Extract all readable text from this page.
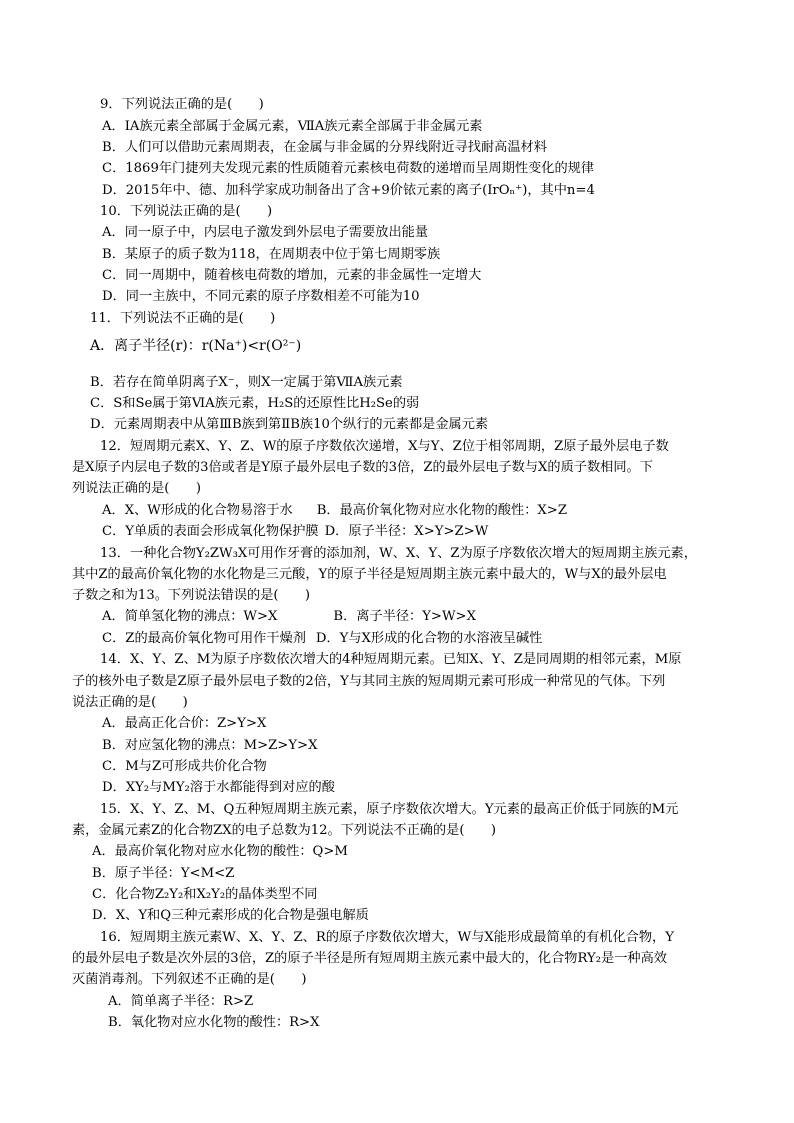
9．下列说法正确的是(　　)
A．ⅠA族元素全部属于金属元素，ⅦA族元素全部属于非金属元素
B．人们可以借助元素周期表，在金属与非金属的分界线附近寻找耐高温材料
C．1869年门捷列夫发现元素的性质随着元素核电荷数的递增而呈周期性变化的规律
D．2015年中、德、加科学家成功制备出了含+9价铱元素的离子(IrOₙ⁺)，其中n=4
10．下列说法正确的是(　　)
A．同一原子中，内层电子激发到外层电子需要放出能量
B．某原子的质子数为118，在周期表中位于第七周期零族
C．同一周期中，随着核电荷数的增加，元素的非金属性一定增大
D．同一主族中，不同元素的原子序数相差不可能为10
11．下列说法不正确的是(　　)
A．离子半径(r)：r(Na⁺)<r(O²⁻)
B．若存在简单阴离子X⁻，则X一定属于第ⅦA族元素
C．S和Se属于第ⅥA族元素，H₂S的还原性比H₂Se的弱
D．元素周期表中从第ⅢB族到第ⅡB族10个纵行的元素都是金属元素
12．短周期元素X、Y、Z、W的原子序数依次递增，X与Y、Z位于相邻周期，Z原子最外层电子数
是X原子内层电子数的3倍或者是Y原子最外层电子数的3倍，Z的最外层电子数与X的质子数相同。下
列说法正确的是(　　)
A．X、W形成的化合物易溶于水 B．最高价氧化物对应水化物的酸性：X>Z
C．Y单质的表面会形成氧化物保护膜 D．原子半径：X>Y>Z>W
13．一种化合物Y₂ZW₃X可用作牙膏的添加剂，W、X、Y、Z为原子序数依次增大的短周期主族元素，
其中Z的最高价氧化物的水化物是三元酸，Y的原子半径是短周期主族元素中最大的，W与X的最外层电
子数之和为13。下列说法错误的是(　　)
A．简单氢化物的沸点：W>X	B．离子半径：Y>W>X
C．Z的最高价氧化物可用作干燥剂 D．Y与X形成的化合物的水溶液呈碱性
14．X、Y、Z、M为原子序数依次增大的4种短周期元素。已知X、Y、Z是同周期的相邻元素，M原
子的核外电子数是Z原子最外层电子数的2倍，Y与其同主族的短周期元素可形成一种常见的气体。下列
说法正确的是(　　)
A．最高正化合价：Z>Y>X
B．对应氢化物的沸点：M>Z>Y>X
C．M与Z可形成共价化合物
D．XY₂与MY₂溶于水都能得到对应的酸
15．X、Y、Z、M、Q五种短周期主族元素，原子序数依次增大。Y元素的最高正价低于同族的M元
素，金属元素Z的化合物ZX的电子总数为12。下列说法不正确的是(　　)
A．最高价氧化物对应水化物的酸性：Q>M
B．原子半径：Y<M<Z
C．化合物Z₂Y₂和X₂Y₂的晶体类型不同
D．X、Y和Q三种元素形成的化合物是强电解质
16．短周期主族元素W、X、Y、Z、R的原子序数依次增大，W与X能形成最简单的有机化合物，Y
的最外层电子数是次外层的3倍，Z的原子半径是所有短周期主族元素中最大的，化合物RY₂是一种高效
灭菌消毒剂。下列叙述不正确的是(　　)
A．简单离子半径：R>Z
B．氧化物对应水化物的酸性：R>X
